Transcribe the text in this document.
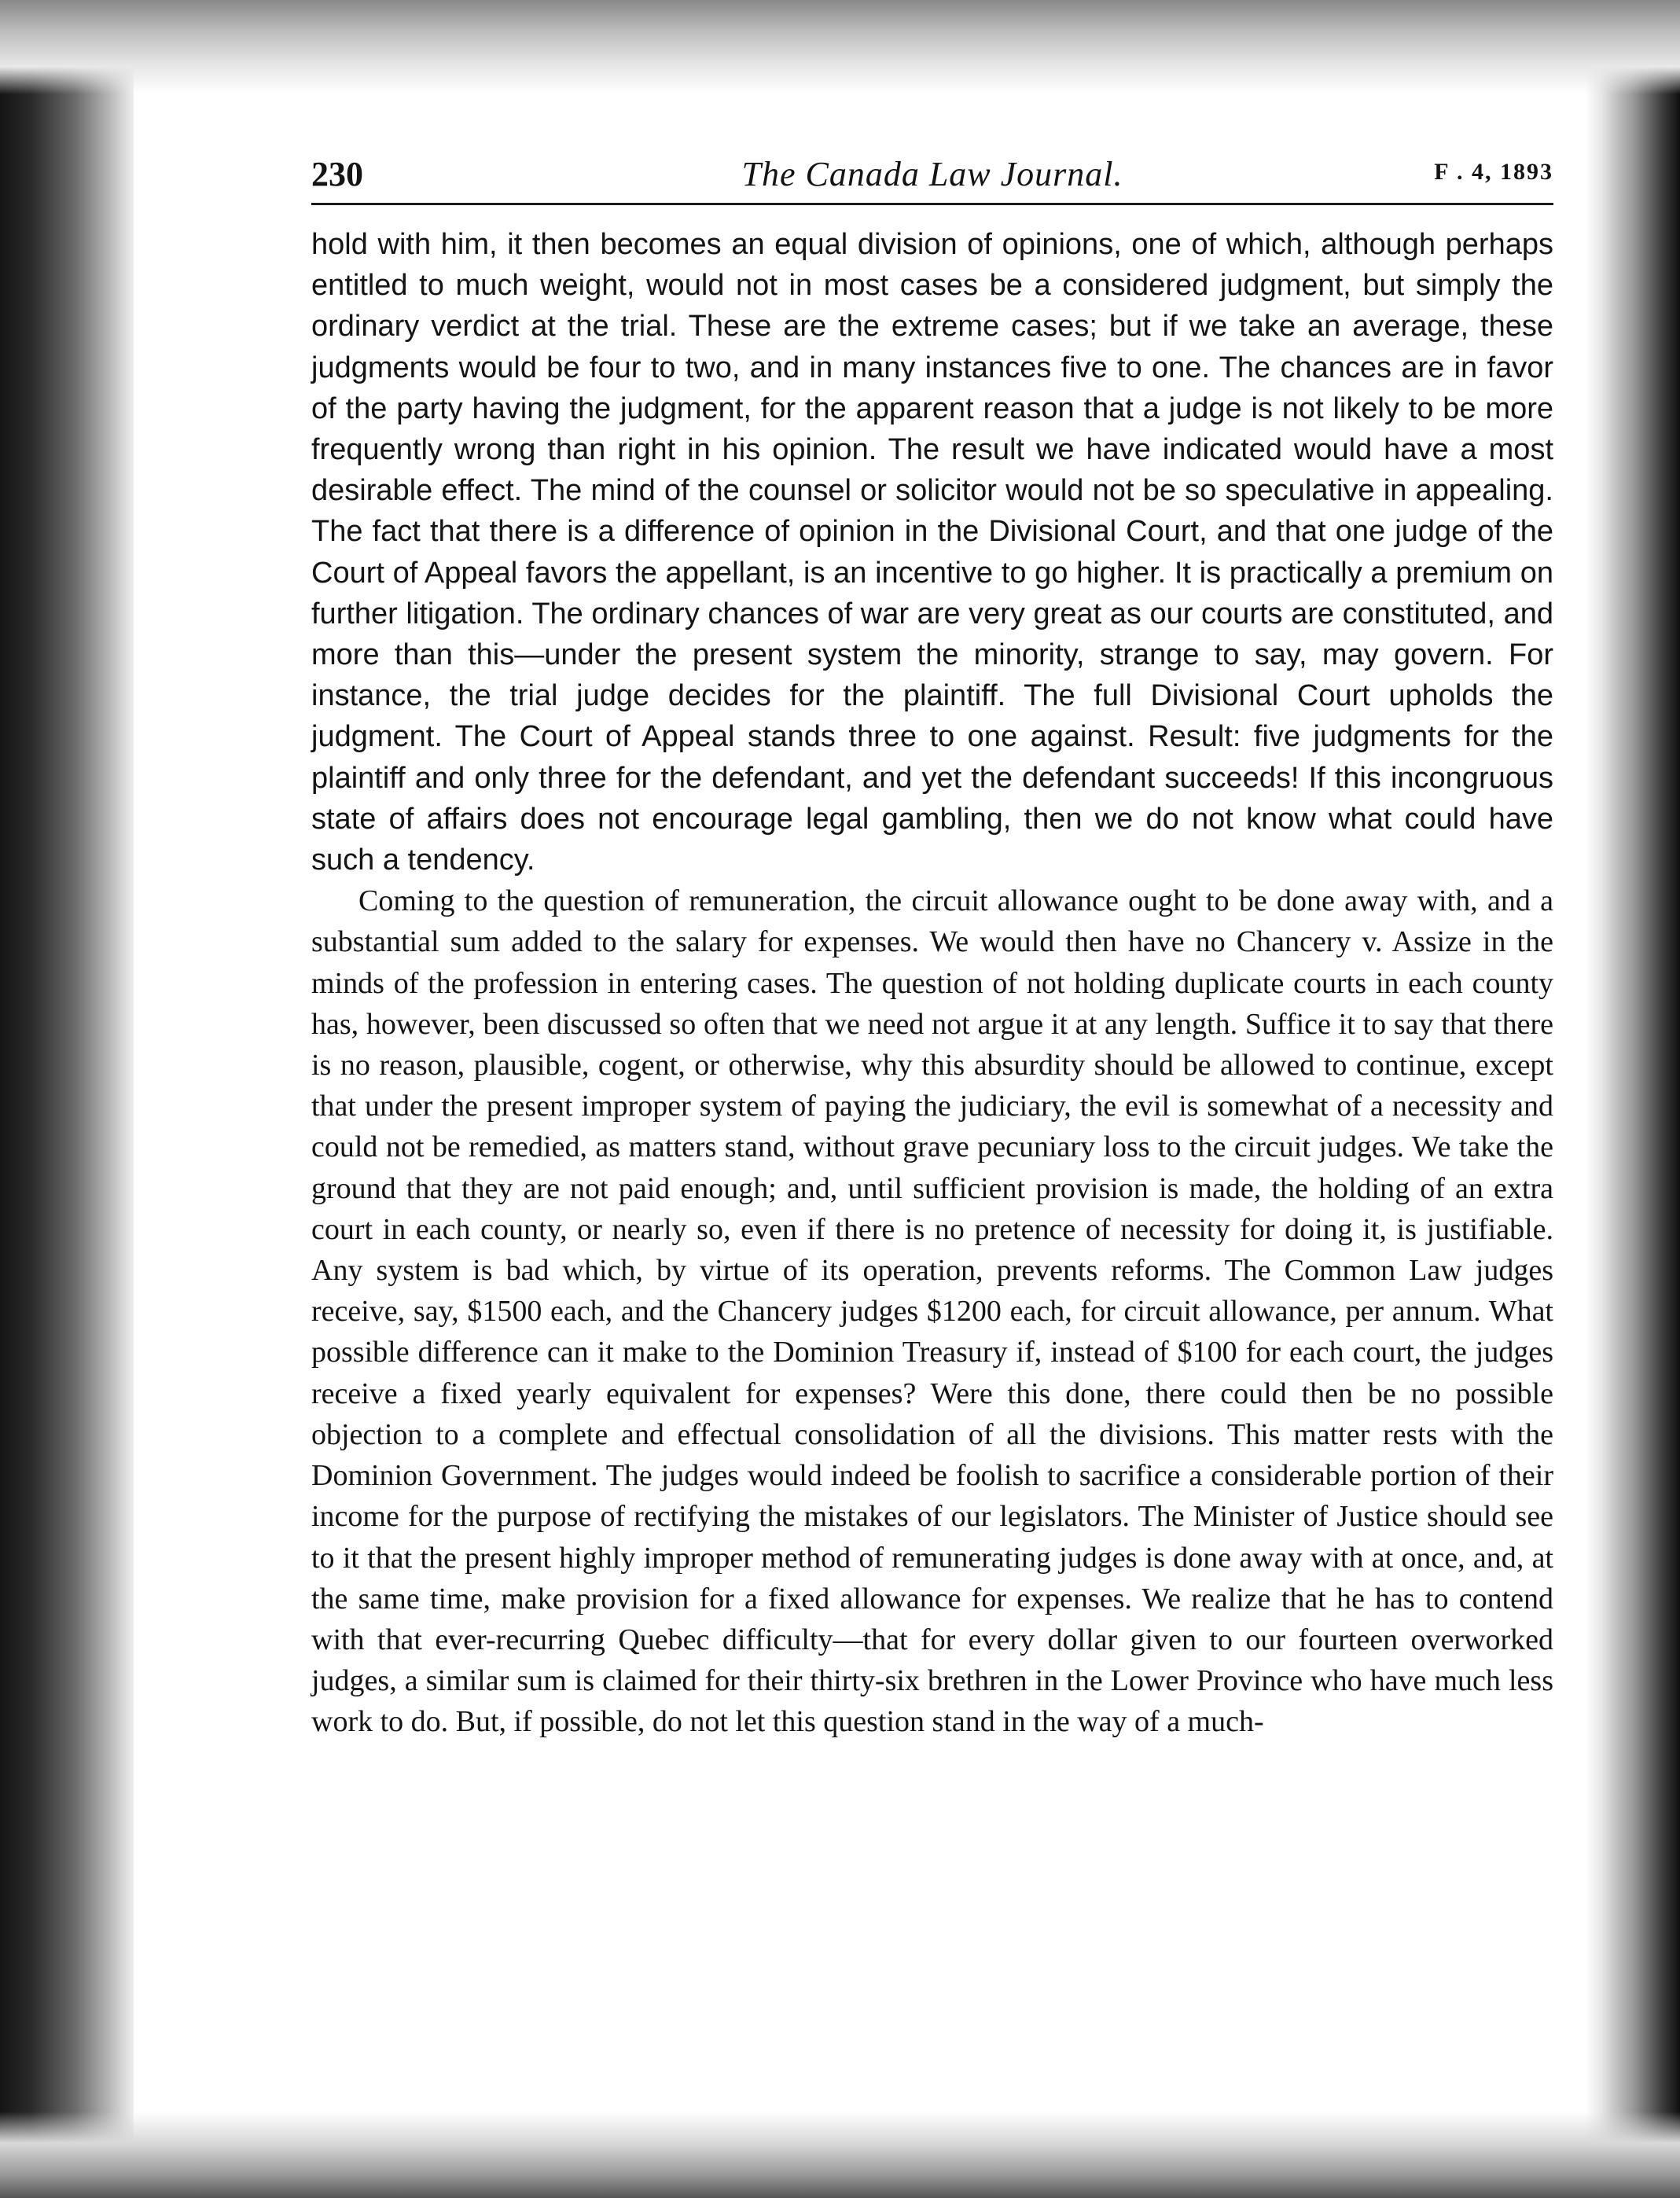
230	The Canada Law Journal.	F . 4, 1893

hold with him, it then becomes an equal division of opinions, one of which, although perhaps entitled to much weight, would not in most cases be a considered judgment, but simply the ordinary verdict at the trial. These are the extreme cases; but if we take an average, these judgments would be four to two, and in many instances five to one. The chances are in favor of the party having the judgment, for the apparent reason that a judge is not likely to be more frequently wrong than right in his opinion. The result we have indicated would have a most desirable effect. The mind of the counsel or solicitor would not be so speculative in appealing. The fact that there is a difference of opinion in the Divisional Court, and that one judge of the Court of Appeal favors the appellant, is an incentive to go higher. It is practically a premium on further litigation. The ordinary chances of war are very great as our courts are constituted, and more than this—under the present system the minority, strange to say, may govern. For instance, the trial judge decides for the plaintiff. The full Divisional Court upholds the judgment. The Court of Appeal stands three to one against. Result: five judgments for the plaintiff and only three for the defendant, and yet the defendant succeeds! If this incongruous state of affairs does not encourage legal gambling, then we do not know what could have such a tendency.

Coming to the question of remuneration, the circuit allowance ought to be done away with, and a substantial sum added to the salary for expenses. We would then have no Chancery v. Assize in the minds of the profession in entering cases. The question of not holding duplicate courts in each county has, however, been discussed so often that we need not argue it at any length. Suffice it to say that there is no reason, plausible, cogent, or otherwise, why this absurdity should be allowed to continue, except that under the present improper system of paying the judiciary, the evil is somewhat of a necessity and could not be remedied, as matters stand, without grave pecuniary loss to the circuit judges. We take the ground that they are not paid enough; and, until sufficient provision is made, the holding of an extra court in each county, or nearly so, even if there is no pretence of necessity for doing it, is justifiable. Any system is bad which, by virtue of its operation, prevents reforms. The Common Law judges receive, say, $1500 each, and the Chancery judges $1200 each, for circuit allowance, per annum. What possible difference can it make to the Dominion Treasury if, instead of $100 for each court, the judges receive a fixed yearly equivalent for expenses? Were this done, there could then be no possible objection to a complete and effectual consolidation of all the divisions. This matter rests with the Dominion Government. The judges would indeed be foolish to sacrifice a considerable portion of their income for the purpose of rectifying the mistakes of our legislators. The Minister of Justice should see to it that the present highly improper method of remunerating judges is done away with at once, and, at the same time, make provision for a fixed allowance for expenses. We realize that he has to contend with that ever-recurring Quebec difficulty—that for every dollar given to our fourteen overworked judges, a similar sum is claimed for their thirty-six brethren in the Lower Province who have much less work to do. But, if possible, do not let this question stand in the way of a much-
